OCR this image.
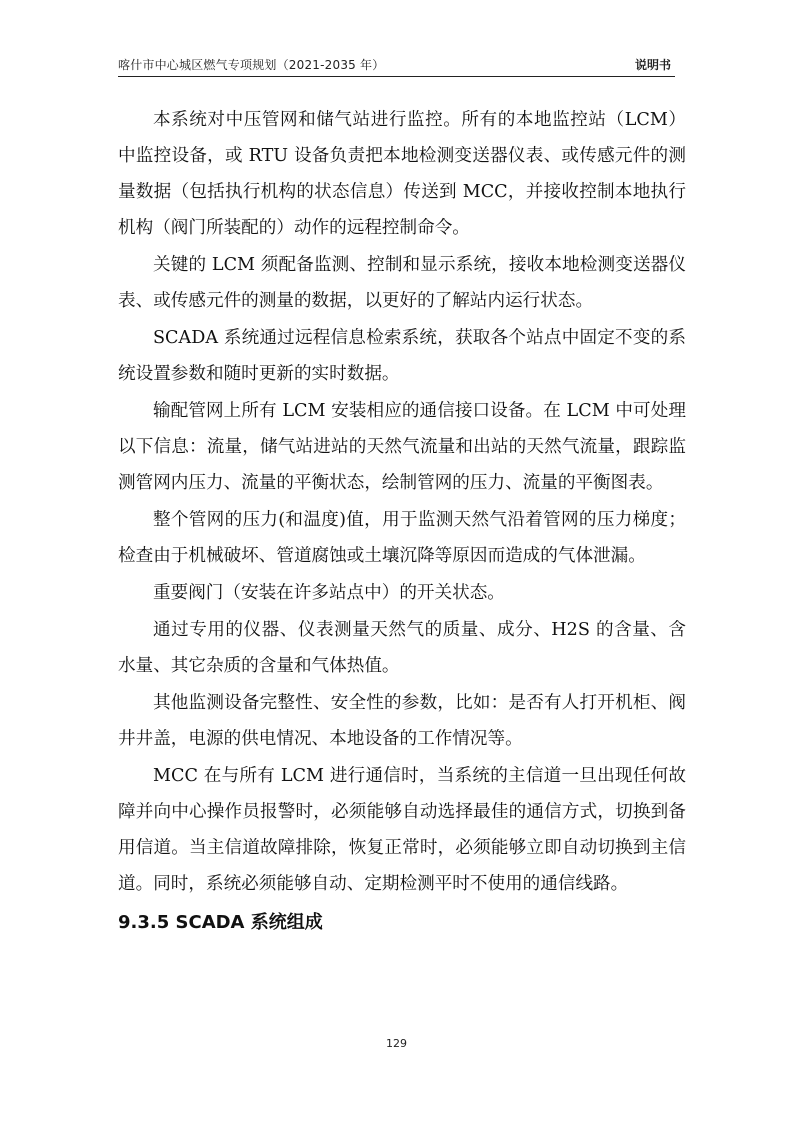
喀什市中心城区燃气专项规划（2021-2035 年）	说明书

本系统对中压管网和储气站进行监控。所有的本地监控站（LCM）中监控设备，或 RTU 设备负责把本地检测变送器仪表、或传感元件的测量数据（包括执行机构的状态信息）传送到 MCC，并接收控制本地执行机构（阀门所装配的）动作的远程控制命令。

关键的 LCM 须配备监测、控制和显示系统，接收本地检测变送器仪表、或传感元件的测量的数据，以更好的了解站内运行状态。

SCADA 系统通过远程信息检索系统，获取各个站点中固定不变的系统设置参数和随时更新的实时数据。

输配管网上所有 LCM 安装相应的通信接口设备。在 LCM 中可处理以下信息：流量，储气站进站的天然气流量和出站的天然气流量，跟踪监测管网内压力、流量的平衡状态，绘制管网的压力、流量的平衡图表。

整个管网的压力(和温度)值，用于监测天然气沿着管网的压力梯度；检查由于机械破坏、管道腐蚀或土壤沉降等原因而造成的气体泄漏。

重要阀门（安装在许多站点中）的开关状态。

通过专用的仪器、仪表测量天然气的质量、成分、H2S 的含量、含水量、其它杂质的含量和气体热值。

其他监测设备完整性、安全性的参数，比如：是否有人打开机柜、阀井井盖，电源的供电情况、本地设备的工作情况等。

MCC 在与所有 LCM 进行通信时，当系统的主信道一旦出现任何故障并向中心操作员报警时，必须能够自动选择最佳的通信方式，切换到备用信道。当主信道故障排除，恢复正常时，必须能够立即自动切换到主信道。同时，系统必须能够自动、定期检测平时不使用的通信线路。

9.3.5 SCADA 系统组成
129
